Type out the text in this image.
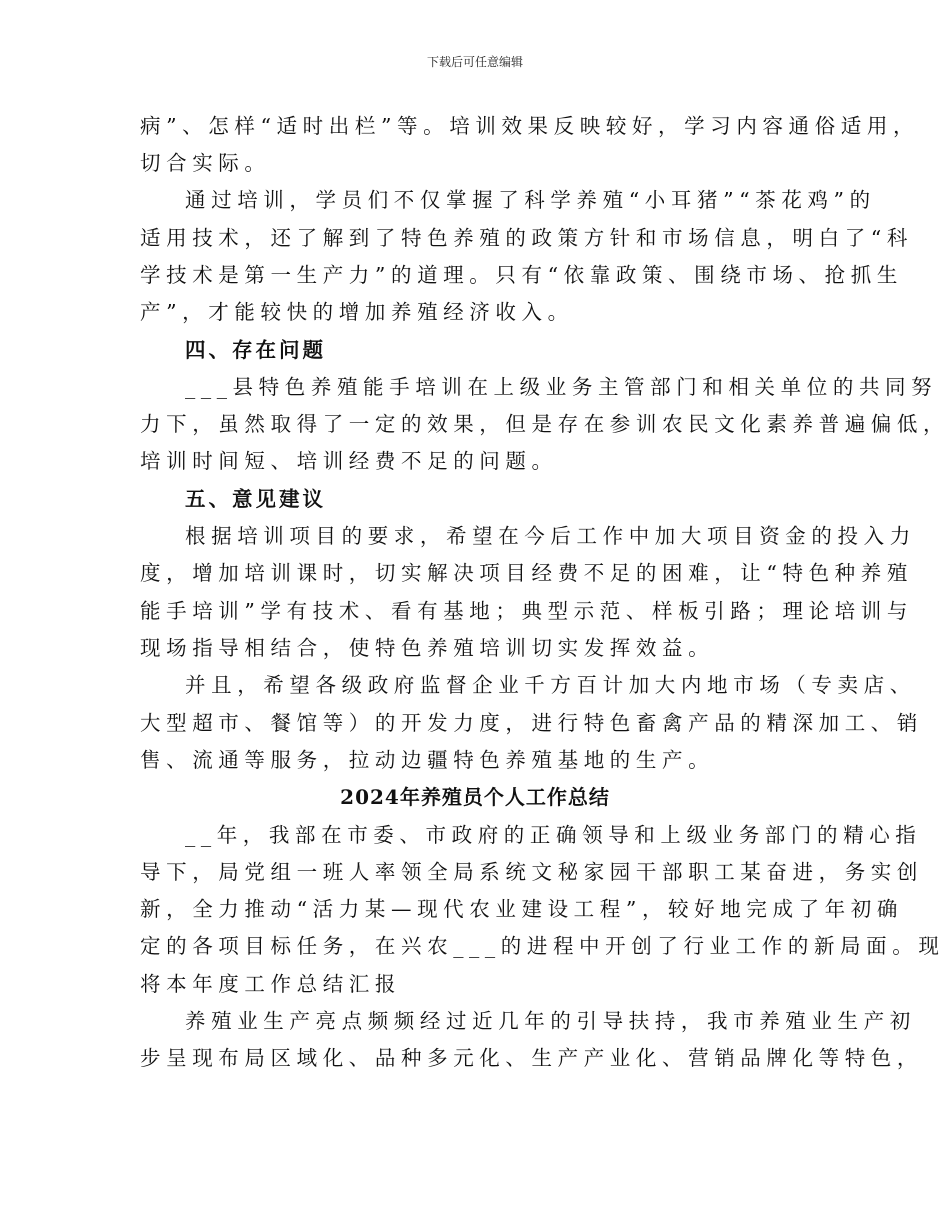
下载后可任意编辑
病”、怎样“适时出栏”等。培训效果反映较好，学习内容通俗适用，
切合实际。
通过培训，学员们不仅掌握了科学养殖“小耳猪”“茶花鸡”的
适用技术，还了解到了特色养殖的政策方针和市场信息，明白了“科
学技术是第一生产力”的道理。只有“依靠政策、围绕市场、抢抓生
产”，才能较快的增加养殖经济收入。
四、存在问题
___县特色养殖能手培训在上级业务主管部门和相关单位的共同努
力下，虽然取得了一定的效果，但是存在参训农民文化素养普遍偏低，
培训时间短、培训经费不足的问题。
五、意见建议
根据培训项目的要求，希望在今后工作中加大项目资金的投入力
度，增加培训课时，切实解决项目经费不足的困难，让“特色种养殖
能手培训”学有技术、看有基地；典型示范、样板引路；理论培训与
现场指导相结合，使特色养殖培训切实发挥效益。
并且，希望各级政府监督企业千方百计加大内地市场（专卖店、
大型超市、餐馆等）的开发力度，进行特色畜禽产品的精深加工、销
售、流通等服务，拉动边疆特色养殖基地的生产。
2024年养殖员个人工作总结
__年，我部在市委、市政府的正确领导和上级业务部门的精心指
导下，局党组一班人率领全局系统文秘家园干部职工某奋进，务实创
新，全力推动“活力某—现代农业建设工程”，较好地完成了年初确
定的各项目标任务，在兴农___的进程中开创了行业工作的新局面。现
将本年度工作总结汇报
养殖业生产亮点频频经过近几年的引导扶持，我市养殖业生产初
步呈现布局区域化、品种多元化、生产产业化、营销品牌化等特色，
